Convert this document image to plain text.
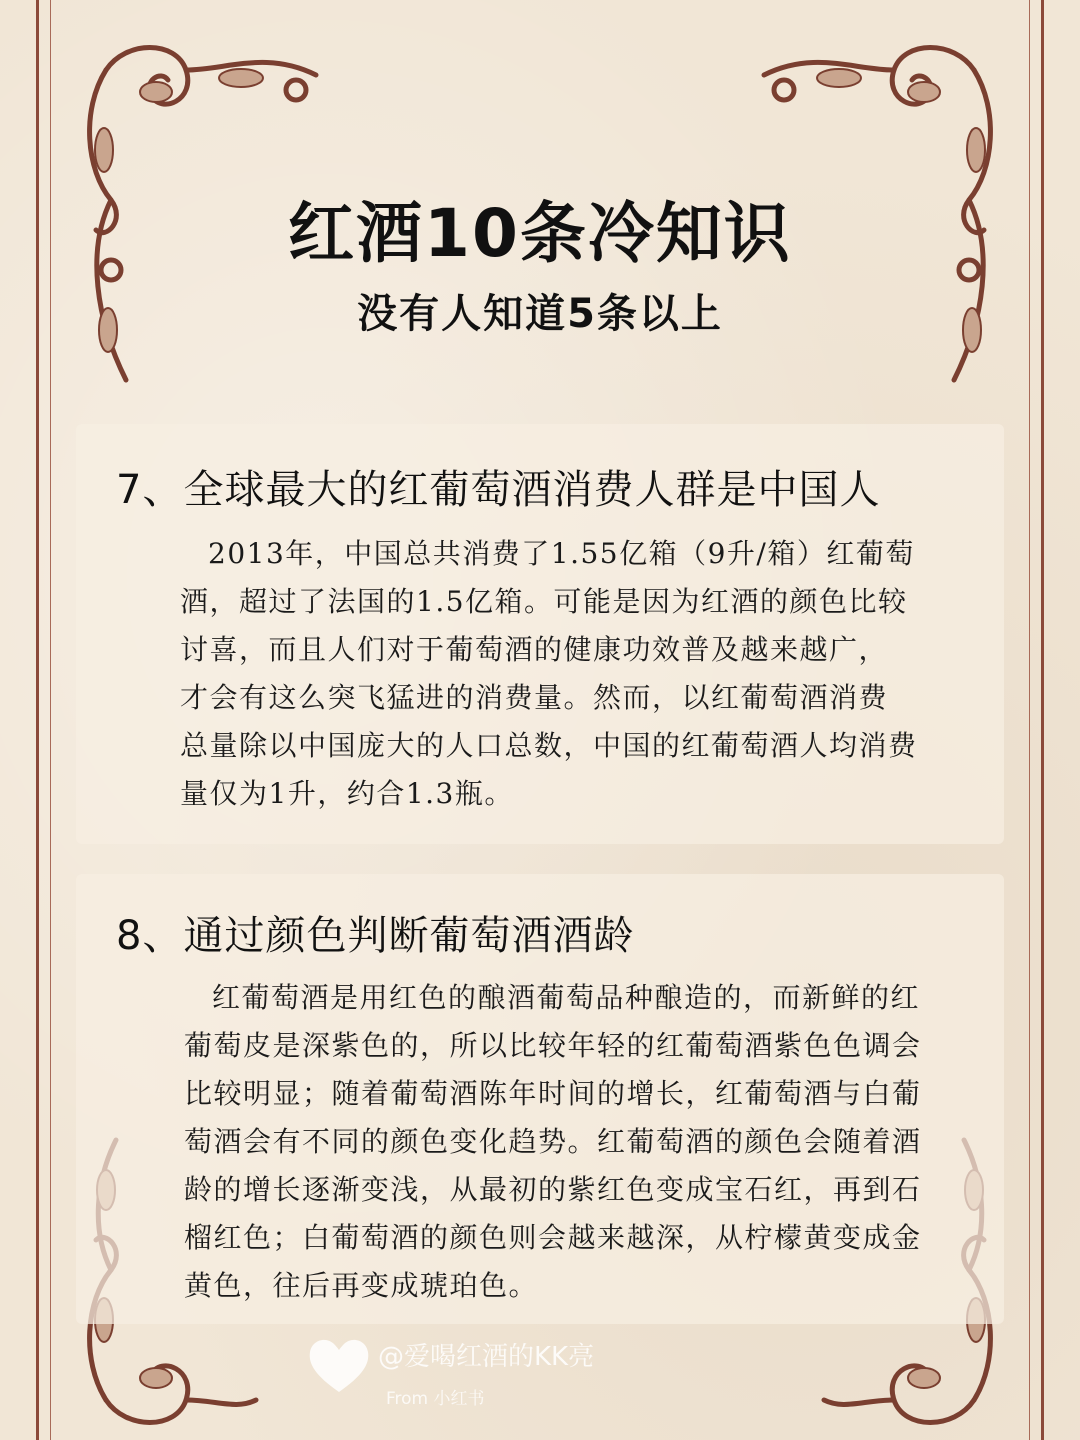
红酒10条冷知识
没有人知道5条以上
7、全球最大的红葡萄酒消费人群是中国人
2013年，中国总共消费了1.55亿箱（9升/箱）红葡萄
酒，超过了法国的1.5亿箱。可能是因为红酒的颜色比较
讨喜，而且人们对于葡萄酒的健康功效普及越来越广，
才会有这么突飞猛进的消费量。然而，以红葡萄酒消费
总量除以中国庞大的人口总数，中国的红葡萄酒人均消费
量仅为1升，约合1.3瓶。
8、通过颜色判断葡萄酒酒龄
红葡萄酒是用红色的酿酒葡萄品种酿造的，而新鲜的红
葡萄皮是深紫色的，所以比较年轻的红葡萄酒紫色色调会
比较明显；随着葡萄酒陈年时间的增长，红葡萄酒与白葡
萄酒会有不同的颜色变化趋势。红葡萄酒的颜色会随着酒
龄的增长逐渐变浅，从最初的紫红色变成宝石红，再到石
榴红色；白葡萄酒的颜色则会越来越深，从柠檬黄变成金
黄色，往后再变成琥珀色。
@爱喝红酒的KK亮
From 小红书
